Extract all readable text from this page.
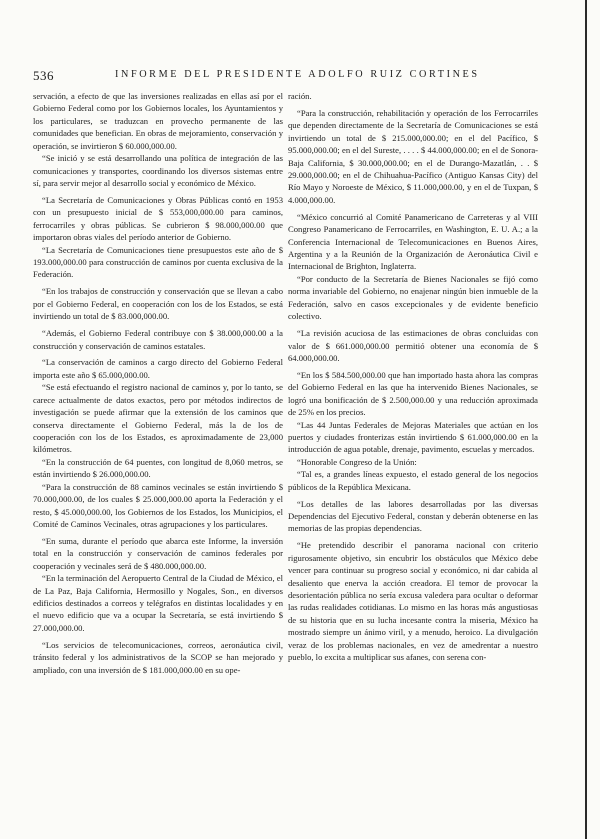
536	INFORME DEL PRESIDENTE ADOLFO RUIZ CORTINES

servación, a efecto de que las inversiones realizadas en ellas así por el Gobierno Federal como por los Gobiernos locales, los Ayuntamientos y los particulares, se traduzcan en provecho permanente de las comunidades que benefician. En obras de mejoramiento, conservación y operación, se invirtieron $ 60.000,000.00.

“Se inició y se está desarrollando una política de integración de las comunicaciones y transportes, coordinando los diversos sistemas entre sí, para servir mejor al desarrollo social y económico de México.

“La Secretaría de Comunicaciones y Obras Públicas contó en 1953 con un presupuesto inicial de $ 553,000,000.00 para caminos, ferrocarriles y obras públicas. Se cubrieron $ 98.000,000.00 que importaron obras viales del período anterior de Gobierno.

“La Secretaría de Comunicaciones tiene presupuestos este año de $ 193.000,000.00 para construcción de caminos por cuenta exclusiva de la Federación.

“En los trabajos de construcción y conservación que se llevan a cabo por el Gobierno Federal, en cooperación con los de los Estados, se está invirtiendo un total de $ 83.000,000.00.

“Además, el Gobierno Federal contribuye con $ 38.000,000.00 a la construcción y conservación de caminos estatales.

“La conservación de caminos a cargo directo del Gobierno Federal importa este año $ 65.000,000.00.

“Se está efectuando el registro nacional de caminos y, por lo tanto, se carece actualmente de datos exactos, pero por métodos indirectos de investigación se puede afirmar que la extensión de los caminos que conserva directamente el Gobierno Federal, más la de los de cooperación con los de los Estados, es aproximadamente de 23,000 kilómetros.

“En la construcción de 64 puentes, con longitud de 8,060 metros, se están invirtiendo $ 26.000,000.00.

“Para la construcción de 88 caminos vecinales se están invirtiendo $ 70.000,000.00, de los cuales $ 25.000,000.00 aporta la Federación y el resto, $ 45.000,000.00, los Gobiernos de los Estados, los Municipios, el Comité de Caminos Vecinales, otras agrupaciones y los particulares.

“En suma, durante el período que abarca este Informe, la inversión total en la construcción y conservación de caminos federales por cooperación y vecinales será de $ 480.000,000.00.

“En la terminación del Aeropuerto Central de la Ciudad de México, el de La Paz, Baja California, Hermosillo y Nogales, Son., en diversos edificios destinados a correos y telégrafos en distintas localidades y en el nuevo edificio que va a ocupar la Secretaría, se está invirtiendo $ 27.000,000.00.

“Los servicios de telecomunicaciones, correos, aeronáutica civil, tránsito federal y los administrativos de la SCOP se han mejorado y ampliado, con una inversión de $ 181.000,000.00 en su ope-

ración.

“Para la construcción, rehabilitación y operación de los Ferrocarriles que dependen directamente de la Secretaría de Comunicaciones se está invirtiendo un total de $ 215.000,000.00; en el del Pacífico, $ 95.000,000.00; en el del Sureste, . . . . $ 44.000,000.00; en el de Sonora-Baja California, $ 30.000,000.00; en el de Durango-Mazatlán, . . $ 29.000,000.00; en el de Chihuahua-Pacífico (Antiguo Kansas City) del Río Mayo y Noroeste de México, $ 11.000,000.00, y en el de Tuxpan, $ 4.000,000.00.

“México concurrió al Comité Panamericano de Carreteras y al VIII Congreso Panamericano de Ferrocarriles, en Washington, E. U. A.; a la Conferencia Internacional de Telecomunicaciones en Buenos Aires, Argentina y a la Reunión de la Organización de Aeronáutica Civil e Internacional de Brighton, Inglaterra.

“Por conducto de la Secretaría de Bienes Nacionales se fijó como norma invariable del Gobierno, no enajenar ningún bien inmueble de la Federación, salvo en casos excepcionales y de evidente beneficio colectivo.

“La revisión acuciosa de las estimaciones de obras concluidas con valor de $ 661.000,000.00 permitió obtener una economía de $ 64.000,000.00.

“En los $ 584.500,000.00 que han importado hasta ahora las compras del Gobierno Federal en las que ha intervenido Bienes Nacionales, se logró una bonificación de $ 2.500,000.00 y una reducción aproximada de 25% en los precios.

“Las 44 Juntas Federales de Mejoras Materiales que actúan en los puertos y ciudades fronterizas están invirtiendo $ 61.000,000.00 en la introducción de agua potable, drenaje, pavimento, escuelas y mercados.

“Honorable Congreso de la Unión:

“Tal es, a grandes líneas expuesto, el estado general de los negocios públicos de la República Mexicana.

“Los detalles de las labores desarrolladas por las diversas Dependencias del Ejecutivo Federal, constan y deberán obtenerse en las memorias de las propias dependencias.

“He pretendido describir el panorama nacional con criterio rigurosamente objetivo, sin encubrir los obstáculos que México debe vencer para continuar su progreso social y económico, ni dar cabida al desaliento que enerva la acción creadora. El temor de provocar la desorientación pública no sería excusa valedera para ocultar o deformar las rudas realidades cotidianas. Lo mismo en las horas más angustiosas de su historia que en su lucha incesante contra la miseria, México ha mostrado siempre un ánimo viril, y a menudo, heroico. La divulgación veraz de los problemas nacionales, en vez de amedrentar a nuestro pueblo, lo excita a multiplicar sus afanes, con serena con-
